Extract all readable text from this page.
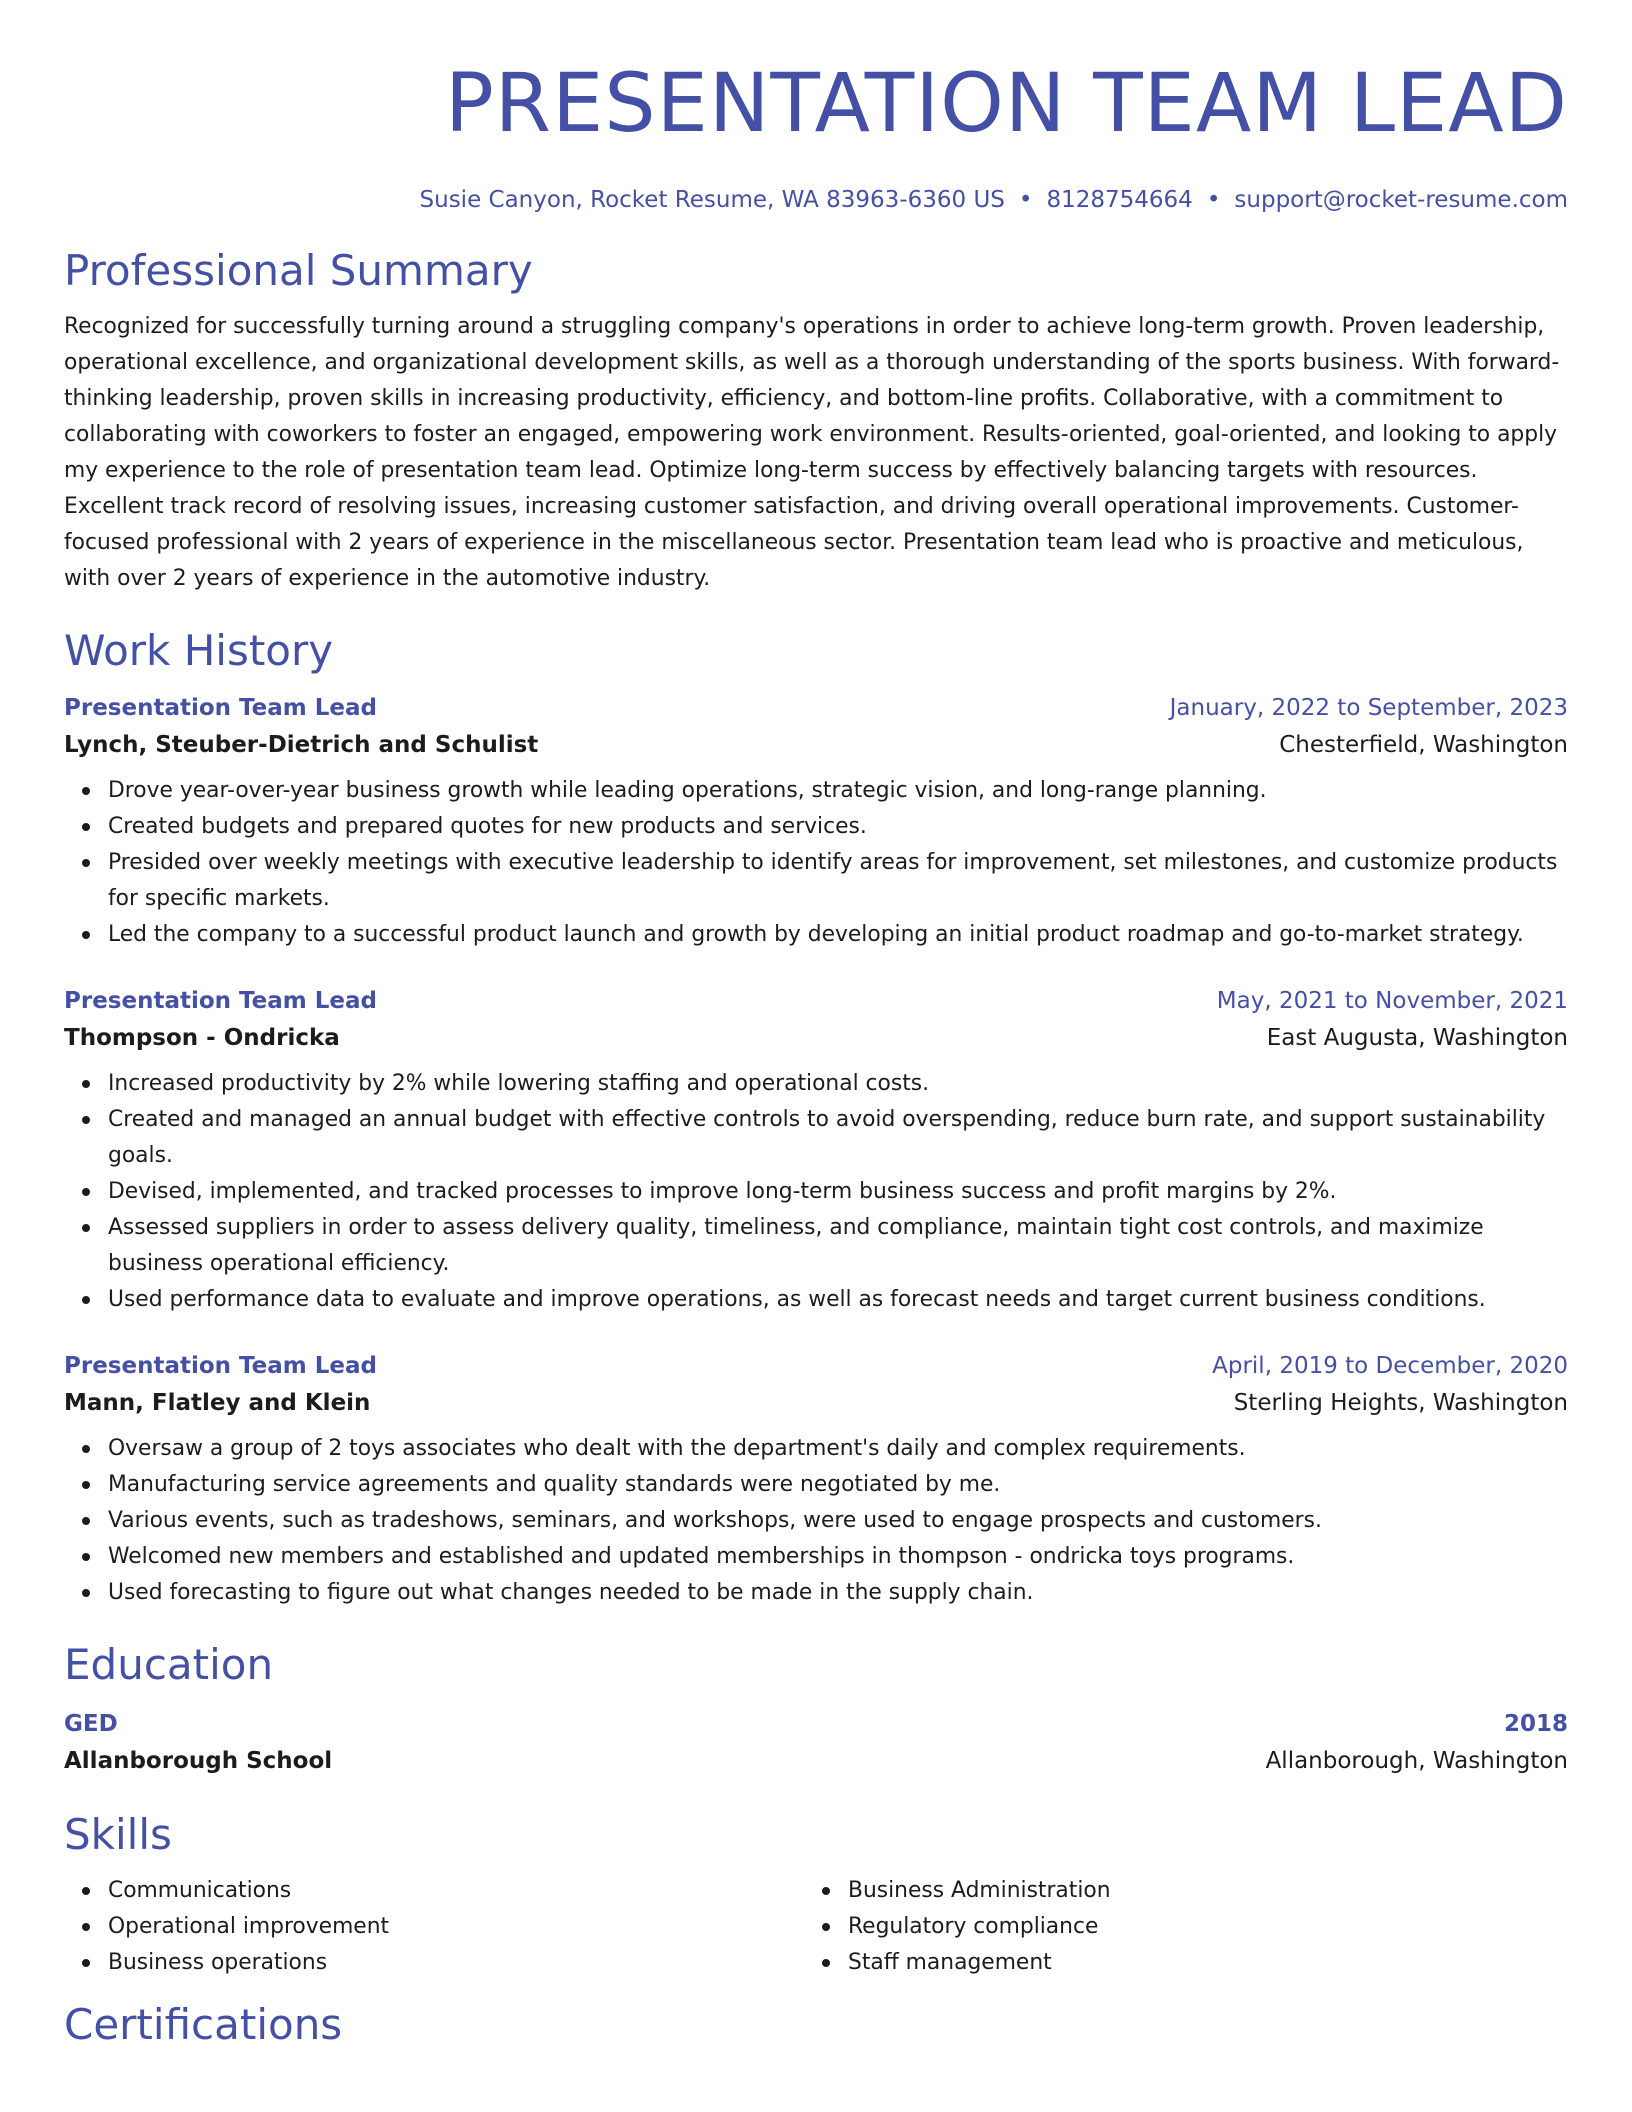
PRESENTATION TEAM LEAD
Susie Canyon, Rocket Resume, WA 83963-6360 US • 8128754664 • support@rocket-resume.com
Professional Summary
Recognized for successfully turning around a struggling company's operations in order to achieve long-term growth. Proven leadership, operational excellence, and organizational development skills, as well as a thorough understanding of the sports business. With forward-thinking leadership, proven skills in increasing productivity, efficiency, and bottom-line profits. Collaborative, with a commitment to collaborating with coworkers to foster an engaged, empowering work environment. Results-oriented, goal-oriented, and looking to apply my experience to the role of presentation team lead. Optimize long-term success by effectively balancing targets with resources. Excellent track record of resolving issues, increasing customer satisfaction, and driving overall operational improvements. Customer-focused professional with 2 years of experience in the miscellaneous sector. Presentation team lead who is proactive and meticulous, with over 2 years of experience in the automotive industry.
Work History
Presentation Team Lead	January, 2022 to September, 2023
Lynch, Steuber-Dietrich and Schulist	Chesterfield, Washington
Drove year-over-year business growth while leading operations, strategic vision, and long-range planning.
Created budgets and prepared quotes for new products and services.
Presided over weekly meetings with executive leadership to identify areas for improvement, set milestones, and customize products for specific markets.
Led the company to a successful product launch and growth by developing an initial product roadmap and go-to-market strategy.
Presentation Team Lead	May, 2021 to November, 2021
Thompson - Ondricka	East Augusta, Washington
Increased productivity by 2% while lowering staffing and operational costs.
Created and managed an annual budget with effective controls to avoid overspending, reduce burn rate, and support sustainability goals.
Devised, implemented, and tracked processes to improve long-term business success and profit margins by 2%.
Assessed suppliers in order to assess delivery quality, timeliness, and compliance, maintain tight cost controls, and maximize business operational efficiency.
Used performance data to evaluate and improve operations, as well as forecast needs and target current business conditions.
Presentation Team Lead	April, 2019 to December, 2020
Mann, Flatley and Klein	Sterling Heights, Washington
Oversaw a group of 2 toys associates who dealt with the department's daily and complex requirements.
Manufacturing service agreements and quality standards were negotiated by me.
Various events, such as tradeshows, seminars, and workshops, were used to engage prospects and customers.
Welcomed new members and established and updated memberships in thompson - ondricka toys programs.
Used forecasting to figure out what changes needed to be made in the supply chain.
Education
GED	2018
Allanborough School	Allanborough, Washington
Skills
Communications
Operational improvement
Business operations
Business Administration
Regulatory compliance
Staff management
Certifications
